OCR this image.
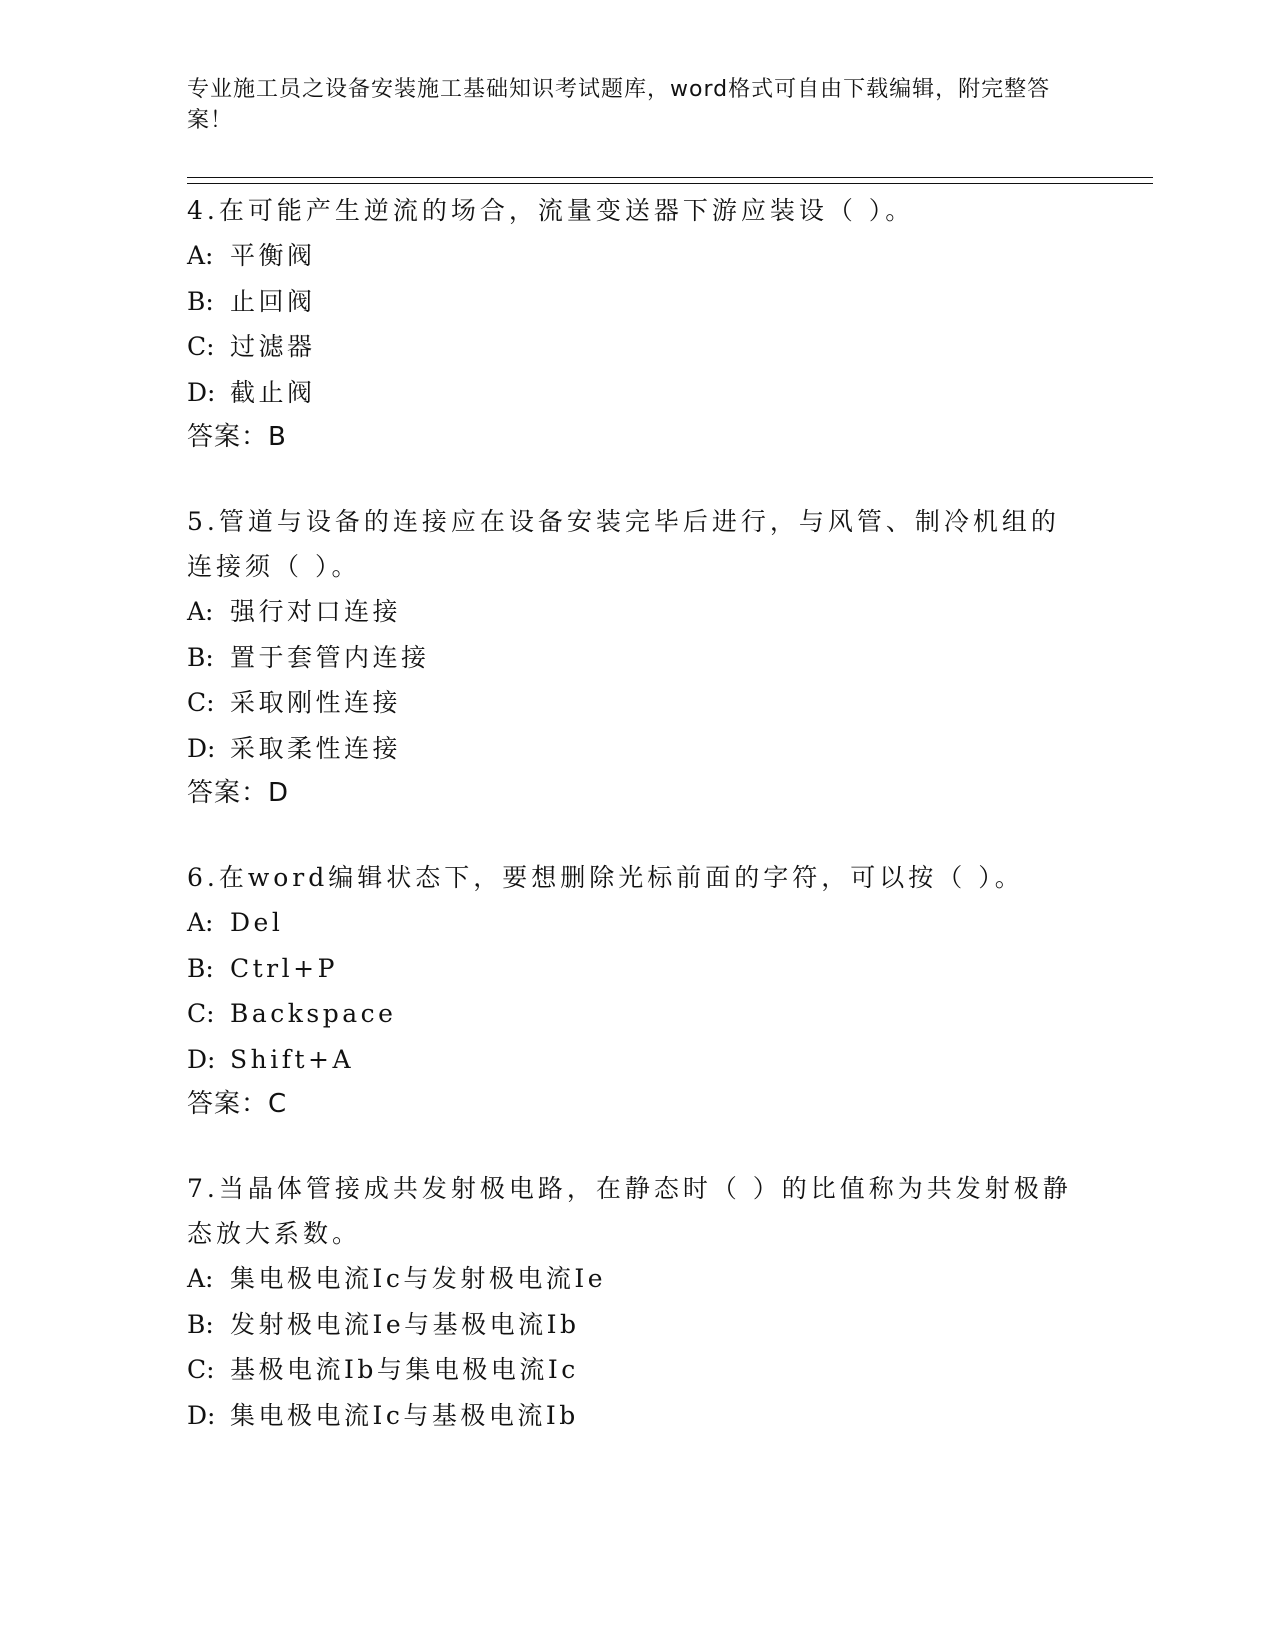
专业施工员之设备安装施工基础知识考试题库，word格式可自由下载编辑，附完整答案！
4.在可能产生逆流的场合，流量变送器下游应装设（ ）。
A: 平衡阀
B: 止回阀
C: 过滤器
D: 截止阀
答案：B
5.管道与设备的连接应在设备安装完毕后进行，与风管、制冷机组的连接须（ ）。
A: 强行对口连接
B: 置于套管内连接
C: 采取刚性连接
D: 采取柔性连接
答案：D
6.在word编辑状态下，要想删除光标前面的字符，可以按（ ）。
A: Del
B: Ctrl+P
C: Backspace
D: Shift+A
答案：C
7.当晶体管接成共发射极电路，在静态时（ ）的比值称为共发射极静态放大系数。
A: 集电极电流Ic与发射极电流Ie
B: 发射极电流Ie与基极电流Ib
C: 基极电流Ib与集电极电流Ic
D: 集电极电流Ic与基极电流Ib
